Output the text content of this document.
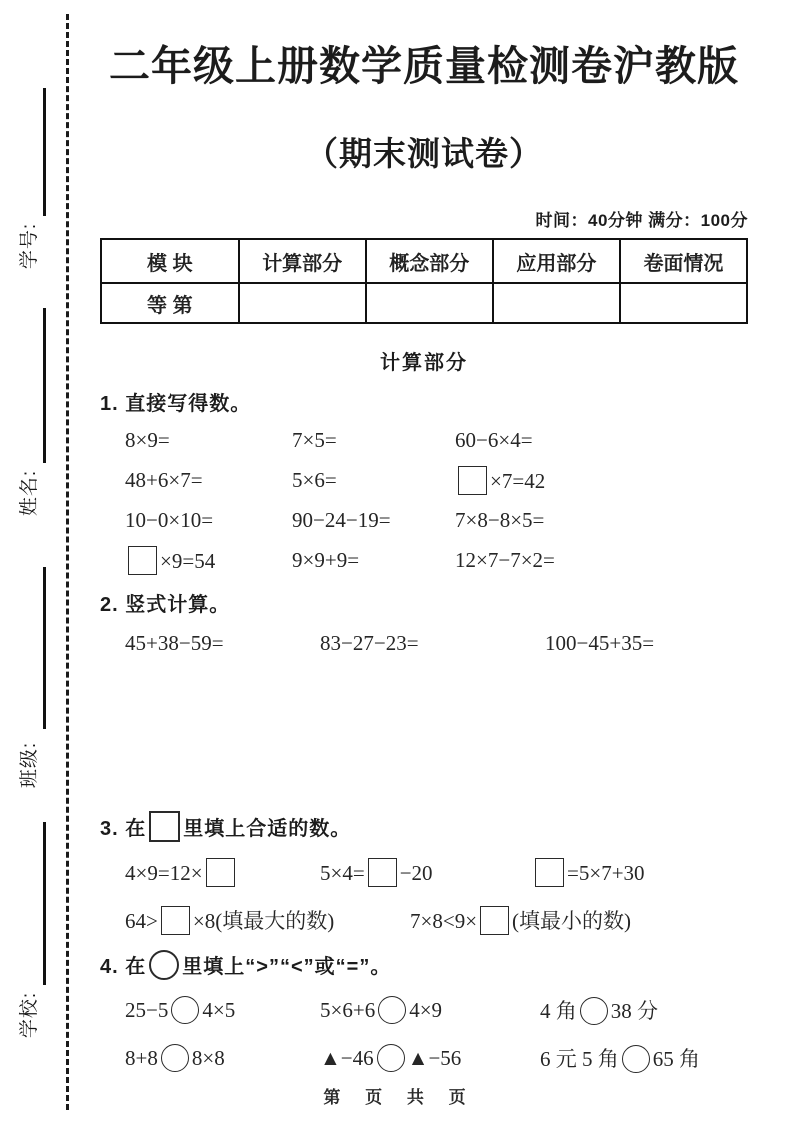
学号:
姓名:
班级:
学校:
二年级上册数学质量检测卷沪教版
（期末测试卷）
时间：40分钟 满分：100分
模 块	计算部分	概念部分	应用部分	卷面情况
等 第				
计算部分
1. 直接写得数。
8×9=	7×5=	60−6×4=
48+6×7=	5×6=	×7=42
10−0×10=	90−24−19=	7×8−8×5=
×9=54	9×9+9=	12×7−7×2=
2. 竖式计算。
45+38−59=	83−27−23=	100−45+35=
3. 在 里填上合适的数。
4×9=12×	5×4= −20	=5×7+30
64> ×8(填最大的数)	7×8<9× (填最小的数)
4. 在 里填上“>”“<”或“=”。
25−5 4×5	5×6+6 4×9	4 角 38 分
8+8 8×8	▲−46 ▲−56	6 元 5 角 65 角
第 页 共 页
